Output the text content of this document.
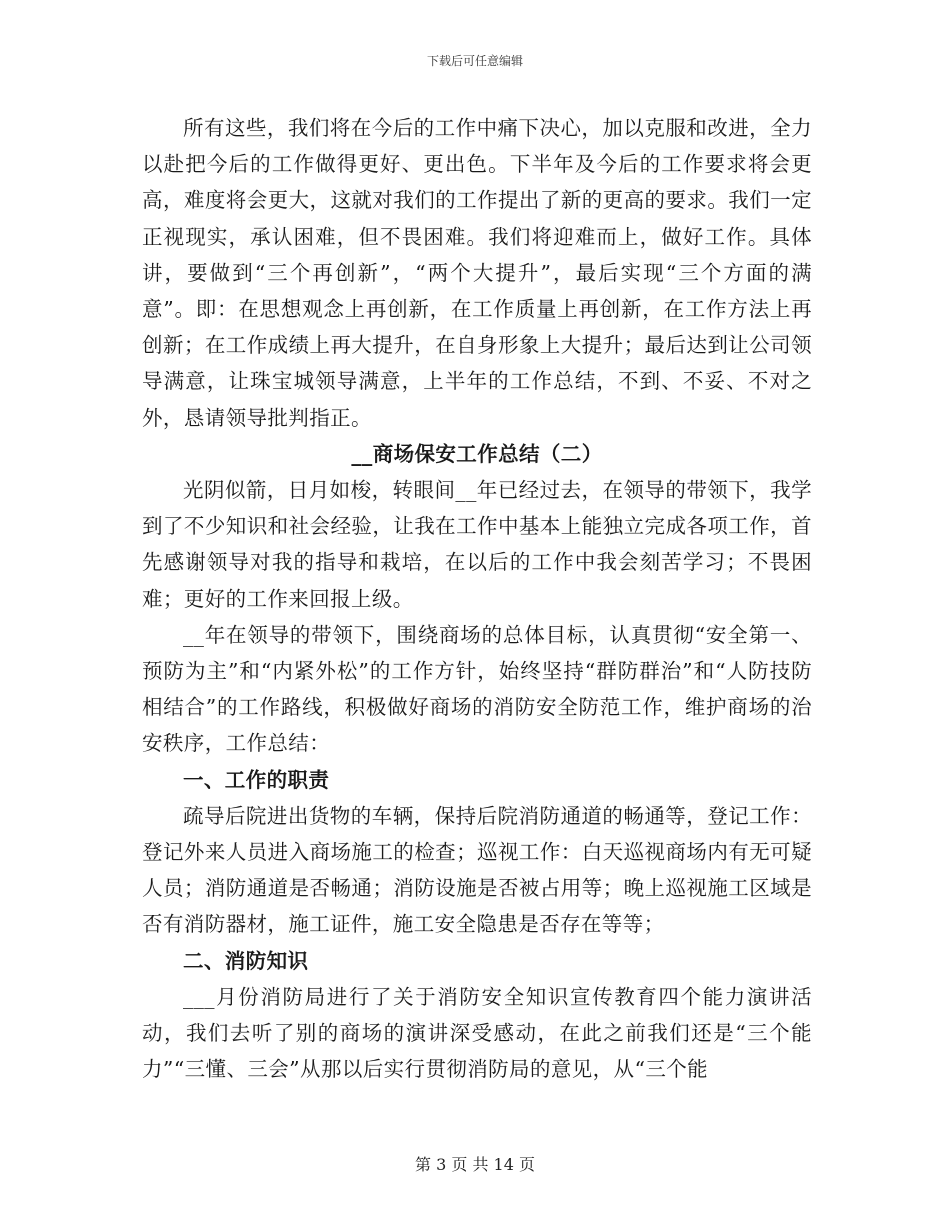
下载后可任意编辑

所有这些，我们将在今后的工作中痛下决心，加以克服和改进，全力以赴把今后的工作做得更好、更出色。下半年及今后的工作要求将会更高，难度将会更大，这就对我们的工作提出了新的更高的要求。我们一定正视现实，承认困难，但不畏困难。我们将迎难而上，做好工作。具体讲，要做到“三个再创新”，“两个大提升”，最后实现“三个方面的满意”。即：在思想观念上再创新，在工作质量上再创新，在工作方法上再创新；在工作成绩上再大提升，在自身形象上大提升；最后达到让公司领导满意，让珠宝城领导满意，上半年的工作总结，不到、不妥、不对之外，恳请领导批判指正。

__商场保安工作总结（二）

光阴似箭，日月如梭，转眼间__年已经过去，在领导的带领下，我学到了不少知识和社会经验，让我在工作中基本上能独立完成各项工作，首先感谢领导对我的指导和栽培，在以后的工作中我会刻苦学习；不畏困难；更好的工作来回报上级。

__年在领导的带领下，围绕商场的总体目标，认真贯彻“安全第一、预防为主”和“内紧外松”的工作方针，始终坚持“群防群治”和“人防技防相结合”的工作路线，积极做好商场的消防安全防范工作，维护商场的治安秩序，工作总结：

一、工作的职责

疏导后院进出货物的车辆，保持后院消防通道的畅通等，登记工作：登记外来人员进入商场施工的检查；巡视工作：白天巡视商场内有无可疑人员；消防通道是否畅通；消防设施是否被占用等；晚上巡视施工区域是否有消防器材，施工证件，施工安全隐患是否存在等等；

二、消防知识

___月份消防局进行了关于消防安全知识宣传教育四个能力演讲活动，我们去听了别的商场的演讲深受感动，在此之前我们还是“三个能力”“三懂、三会”从那以后实行贯彻消防局的意见，从“三个能

第 3 页 共 14 页
